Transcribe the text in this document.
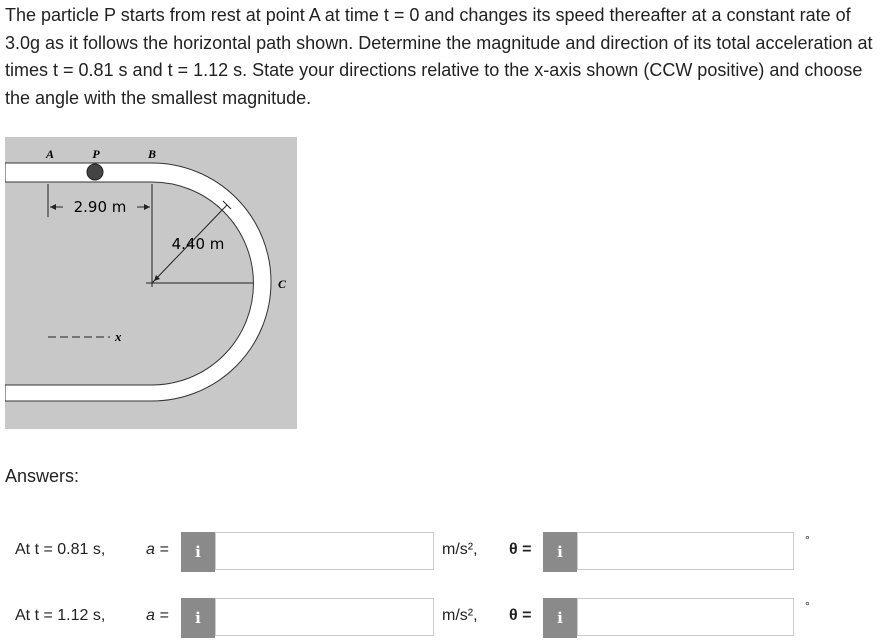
The particle P starts from rest at point A at time t = 0 and changes its speed thereafter at a constant rate of 3.0g as it follows the horizontal path shown. Determine the magnitude and direction of its total acceleration at times t = 0.81 s and t = 1.12 s. State your directions relative to the x-axis shown (CCW positive) and choose the angle with the smallest magnitude.
A	P	B
C
2.90 m
4.40 m
x
Answers:
At t = 0.81 s,	a =	i	m/s², θ =	i
°
At t = 1.12 s,	a =	i	m/s², θ =	i
°
